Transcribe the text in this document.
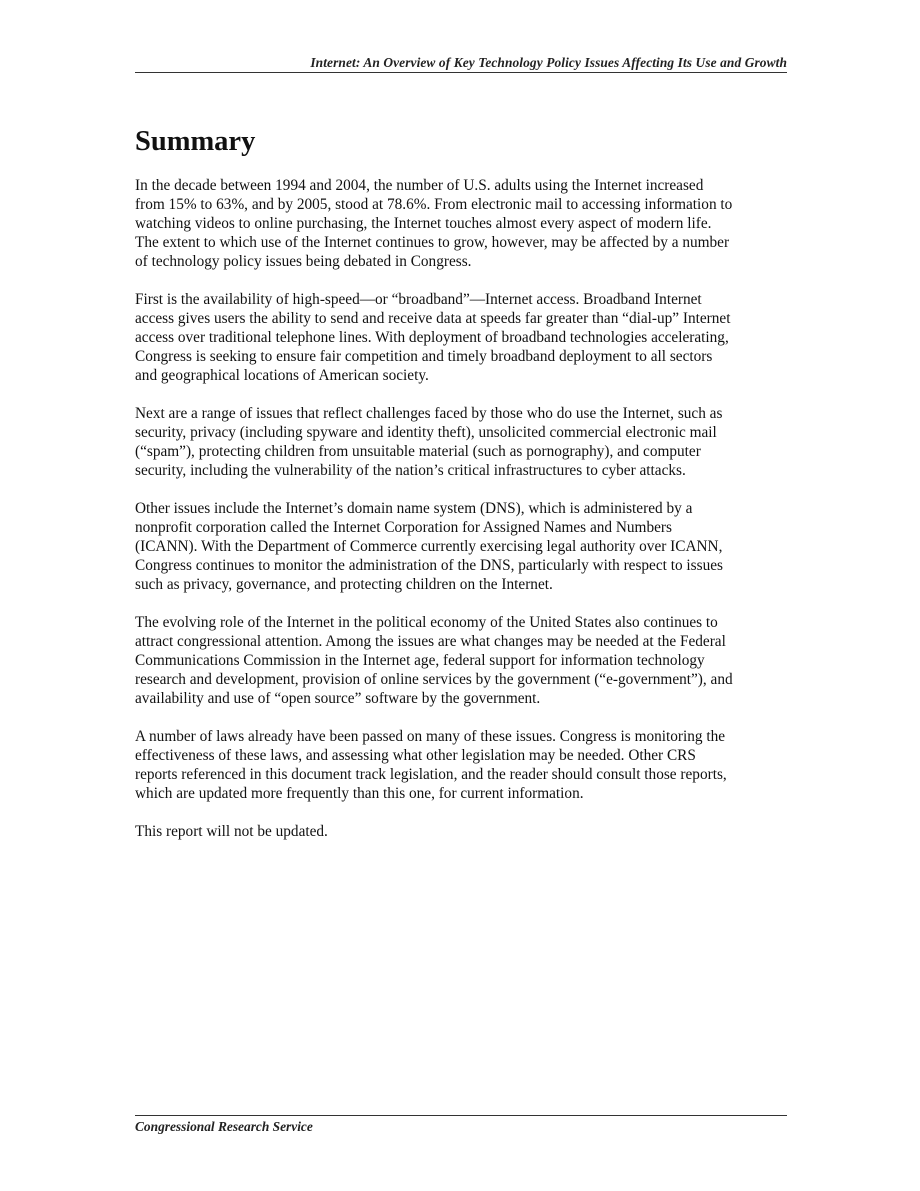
Internet: An Overview of Key Technology Policy Issues Affecting Its Use and Growth
Summary

In the decade between 1994 and 2004, the number of U.S. adults using the Internet increased
from 15% to 63%, and by 2005, stood at 78.6%. From electronic mail to accessing information to
watching videos to online purchasing, the Internet touches almost every aspect of modern life.
The extent to which use of the Internet continues to grow, however, may be affected by a number
of technology policy issues being debated in Congress.

First is the availability of high-speed—or “broadband”—Internet access. Broadband Internet
access gives users the ability to send and receive data at speeds far greater than “dial-up” Internet
access over traditional telephone lines. With deployment of broadband technologies accelerating,
Congress is seeking to ensure fair competition and timely broadband deployment to all sectors
and geographical locations of American society.

Next are a range of issues that reflect challenges faced by those who do use the Internet, such as
security, privacy (including spyware and identity theft), unsolicited commercial electronic mail
(“spam”), protecting children from unsuitable material (such as pornography), and computer
security, including the vulnerability of the nation’s critical infrastructures to cyber attacks.

Other issues include the Internet’s domain name system (DNS), which is administered by a
nonprofit corporation called the Internet Corporation for Assigned Names and Numbers
(ICANN). With the Department of Commerce currently exercising legal authority over ICANN,
Congress continues to monitor the administration of the DNS, particularly with respect to issues
such as privacy, governance, and protecting children on the Internet.

The evolving role of the Internet in the political economy of the United States also continues to
attract congressional attention. Among the issues are what changes may be needed at the Federal
Communications Commission in the Internet age, federal support for information technology
research and development, provision of online services by the government (“e-government”), and
availability and use of “open source” software by the government.

A number of laws already have been passed on many of these issues. Congress is monitoring the
effectiveness of these laws, and assessing what other legislation may be needed. Other CRS
reports referenced in this document track legislation, and the reader should consult those reports,
which are updated more frequently than this one, for current information.

This report will not be updated.

Congressional Research Service
